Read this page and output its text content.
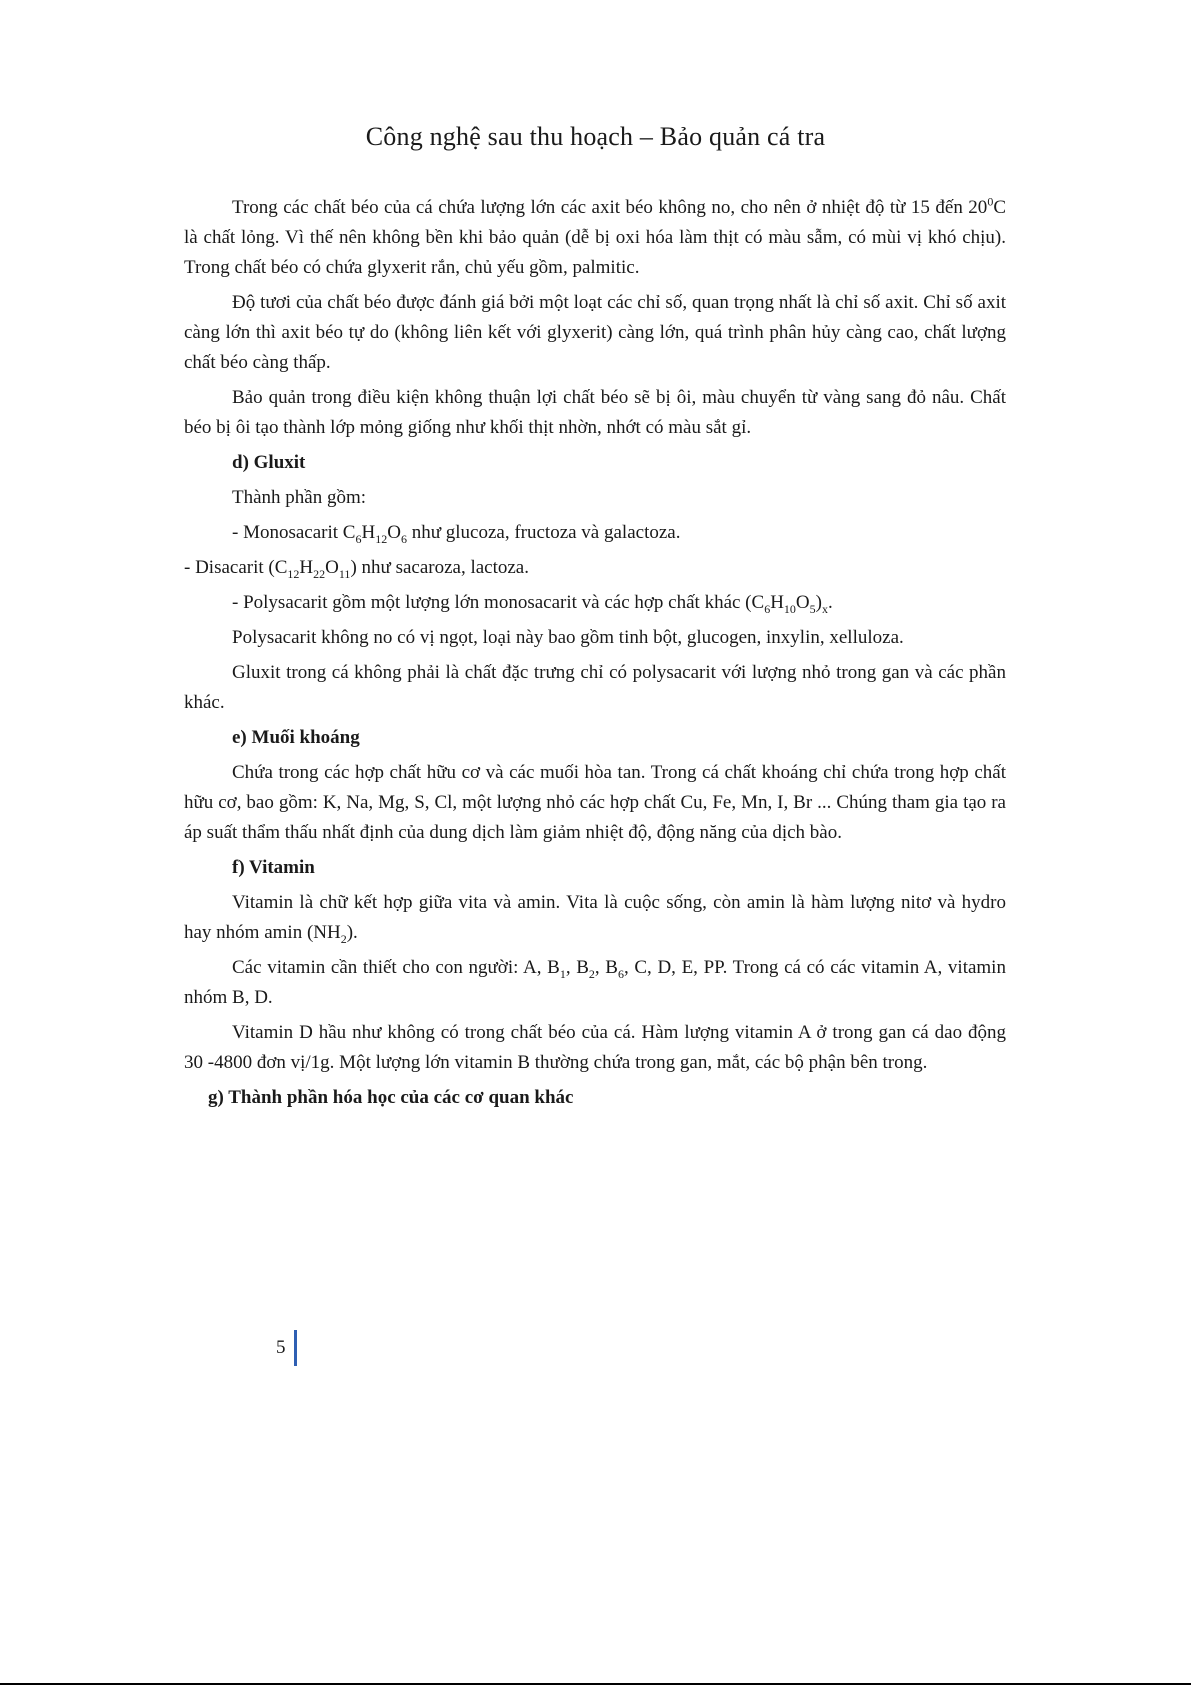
Công nghệ sau thu hoạch – Bảo quản cá tra

Trong các chất béo của cá chứa lượng lớn các axit béo không no, cho nên ở nhiệt độ từ 15 đến $20^0C$ là chất lỏng. Vì thế nên không bền khi bảo quản (dễ bị oxi hóa làm thịt có màu sẫm, có mùi vị khó chịu). Trong chất béo có chứa glyxerit rắn, chủ yếu gồm, palmitic.

Độ tươi của chất béo được đánh giá bởi một loạt các chỉ số, quan trọng nhất là chỉ số axit. Chỉ số axit càng lớn thì axit béo tự do (không liên kết với glyxerit) càng lớn, quá trình phân hủy càng cao, chất lượng chất béo càng thấp.

Bảo quản trong điều kiện không thuận lợi chất béo sẽ bị ôi, màu chuyển từ vàng sang đỏ nâu. Chất béo bị ôi tạo thành lớp mỏng giống như khối thịt nhờn, nhớt có màu sắt gỉ.

d) Gluxit

Thành phần gồm:

- Monosacarit $C_6H_{12}O_6$ như glucoza, fructoza và galactoza.

- Disacarit $(C_{12}H_{22}O_{11})$ như sacaroza, lactoza.

- Polysacarit gồm một lượng lớn monosacarit và các hợp chất khác $(C_6H_{10}O_5)_x$.

Polysacarit không no có vị ngọt, loại này bao gồm tinh bột, glucogen, inxylin, xelluloza.

Gluxit trong cá không phải là chất đặc trưng chỉ có polysacarit với lượng nhỏ trong gan và các phần khác.

e) Muối khoáng

Chứa trong các hợp chất hữu cơ và các muối hòa tan. Trong cá chất khoáng chỉ chứa trong hợp chất hữu cơ, bao gồm: K, Na, Mg, S, Cl, một lượng nhỏ các hợp chất Cu, Fe, Mn, I, Br ... Chúng tham gia tạo ra áp suất thẩm thấu nhất định của dung dịch làm giảm nhiệt độ, động năng của dịch bào.

f) Vitamin

Vitamin là chữ kết hợp giữa vita và amin. Vita là cuộc sống, còn amin là hàm lượng nitơ và hydro hay nhóm amin $(NH_2)$.

Các vitamin cần thiết cho con người: A, $B_1$, $B_2$, $B_6$, C, D, E, PP. Trong cá có các vitamin A, vitamin nhóm B, D.

Vitamin D hầu như không có trong chất béo của cá. Hàm lượng vitamin A ở trong gan cá dao động 30 -4800 đơn vị/1g. Một lượng lớn vitamin B thường chứa trong gan, mắt, các bộ phận bên trong.

g) Thành phần hóa học của các cơ quan khác

5
